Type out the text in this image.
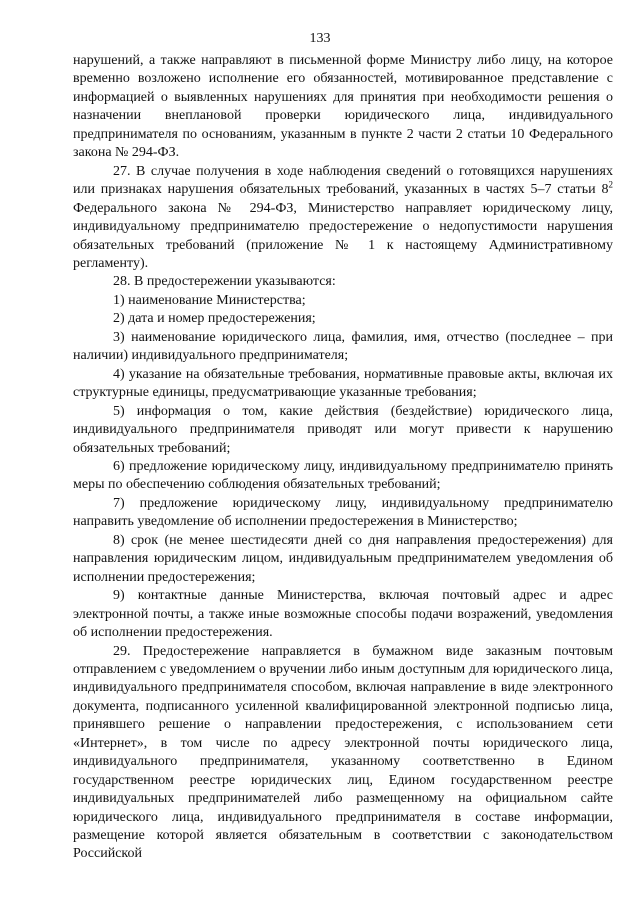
133

нарушений, а также направляют в письменной форме Министру либо лицу, на которое временно возложено исполнение его обязанностей, мотивированное представление с информацией о выявленных нарушениях для принятия при необходимости решения о назначении внеплановой проверки юридического лица, индивидуального предпринимателя по основаниям, указанным в пункте 2 части 2 статьи 10 Федерального закона № 294-ФЗ.

27. В случае получения в ходе наблюдения сведений о готовящихся нарушениях или признаках нарушения обязательных требований, указанных в частях 5–7 статьи $8^2$ Федерального закона № 294-ФЗ, Министерство направляет юридическому лицу, индивидуальному предпринимателю предостережение о недопустимости нарушения обязательных требований (приложение № 1 к настоящему Административному регламенту).

28. В предостережении указываются:

1) наименование Министерства;

2) дата и номер предостережения;

3) наименование юридического лица, фамилия, имя, отчество (последнее – при наличии) индивидуального предпринимателя;

4) указание на обязательные требования, нормативные правовые акты, включая их структурные единицы, предусматривающие указанные требования;

5) информация о том, какие действия (бездействие) юридического лица, индивидуального предпринимателя приводят или могут привести к нарушению обязательных требований;

6) предложение юридическому лицу, индивидуальному предпринимателю принять меры по обеспечению соблюдения обязательных требований;

7) предложение юридическому лицу, индивидуальному предпринимателю направить уведомление об исполнении предостережения в Министерство;

8) срок (не менее шестидесяти дней со дня направления предостережения) для направления юридическим лицом, индивидуальным предпринимателем уведомления об исполнении предостережения;

9) контактные данные Министерства, включая почтовый адрес и адрес электронной почты, а также иные возможные способы подачи возражений, уведомления об исполнении предостережения.

29. Предостережение направляется в бумажном виде заказным почтовым отправлением с уведомлением о вручении либо иным доступным для юридического лица, индивидуального предпринимателя способом, включая направление в виде электронного документа, подписанного усиленной квалифицированной электронной подписью лица, принявшего решение о направлении предостережения, с использованием сети «Интернет», в том числе по адресу электронной почты юридического лица, индивидуального предпринимателя, указанному соответственно в Едином государственном реестре юридических лиц, Едином государственном реестре индивидуальных предпринимателей либо размещенному на официальном сайте юридического лица, индивидуального предпринимателя в составе информации, размещение которой является обязательным в соответствии с законодательством Российской
